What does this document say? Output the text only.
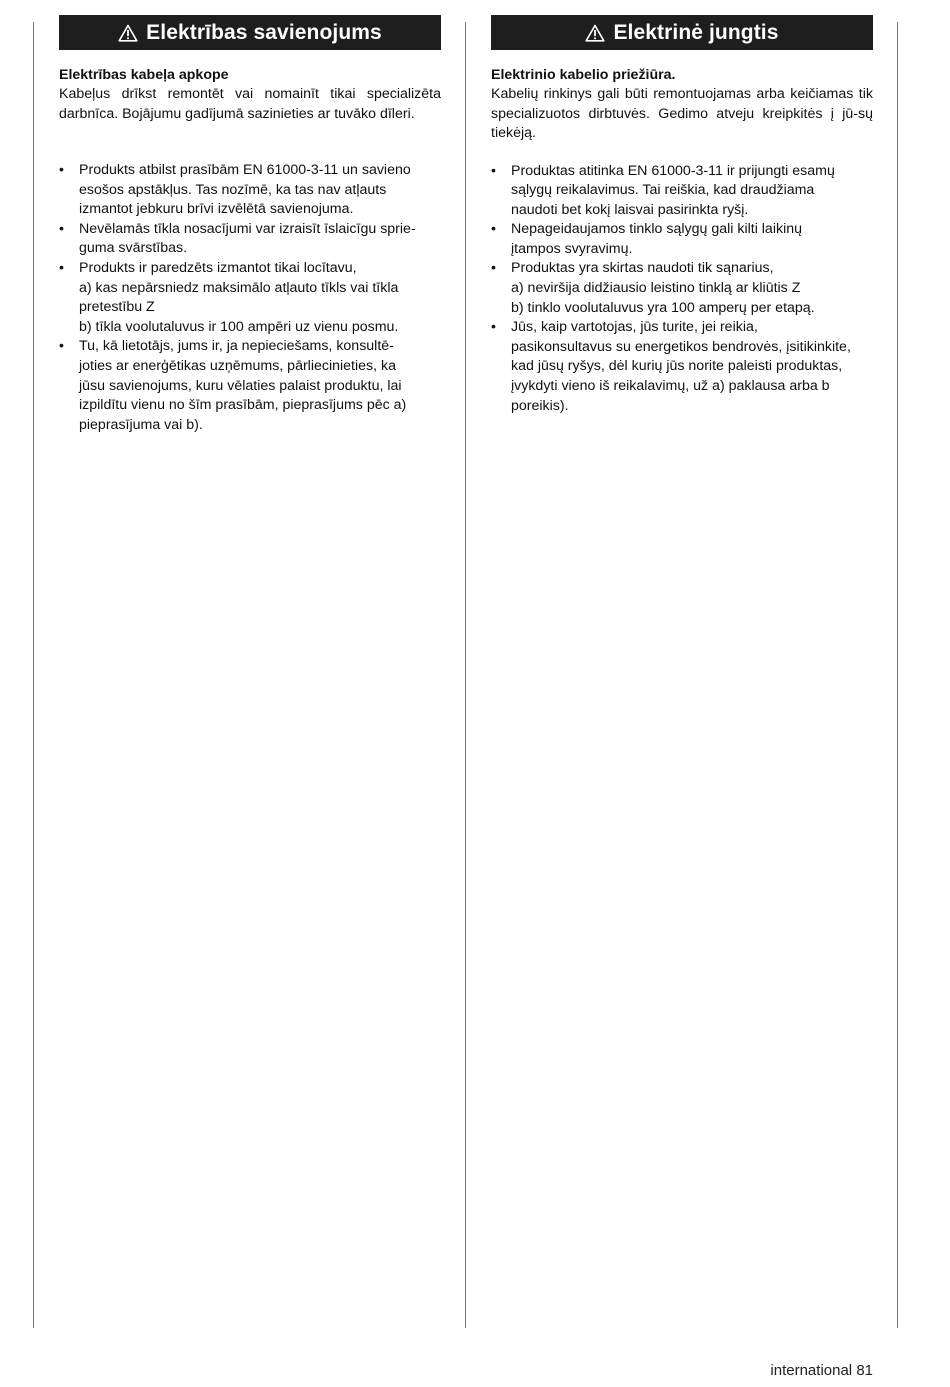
Elektrības savienojums
Elektrības kabeļa apkope

Kabeļus drīkst remontēt vai nomainīt tikai specializēta darbnīca. Bojājumu gadījumā sazinieties ar tuvāko dīleri.

• Produkts atbilst prasībām EN 61000-3-11 un savieno
esošos apstākļus. Tas nozīmē, ka tas nav atļauts
izmantot jebkuru brīvi izvēlētā savienojuma.
• Nevēlamās tīkla nosacījumi var izraisīt īslaicīgu sprie-
guma svārstības.
• Produkts ir paredzēts izmantot tikai locītavu,
a) kas nepārsniedz maksimālo atļauto tīkls vai tīkla
pretestību Z
b) tīkla voolutaluvus ir 100 ampēri uz vienu posmu.
• Tu, kā lietotājs, jums ir, ja nepieciešams, konsultē-
joties ar enerģētikas uzņēmums, pārliecinieties, ka
jūsu savienojums, kuru vēlaties palaist produktu, lai
izpildītu vienu no šīm prasībām, pieprasījums pēc a)
pieprasījuma vai b).
Elektrinė jungtis
Elektrinio kabelio priežiūra.

Kabelių rinkinys gali būti remontuojamas arba keičiamas tik specializuotos dirbtuvės. Gedimo atveju kreipkitės į jū-sų tiekėją.

• Produktas atitinka EN 61000-3-11 ir prijungti esamų
sąlygų reikalavimus. Tai reiškia, kad draudžiama
naudoti bet kokį laisvai pasirinkta ryšį.
• Nepageidaujamos tinklo sąlygų gali kilti laikinų
įtampos svyravimų.
• Produktas yra skirtas naudoti tik sąnarius,
a) neviršija didžiausio leistino tinklą ar kliūtis Z
b) tinklo voolutaluvus yra 100 amperų per etapą.
• Jūs, kaip vartotojas, jūs turite, jei reikia,
pasikonsultavus su energetikos bendrovės, įsitikinkite,
kad jūsų ryšys, dėl kurių jūs norite paleisti produktas,
įvykdyti vieno iš reikalavimų, už a) paklausa arba b
poreikis).
international 81
